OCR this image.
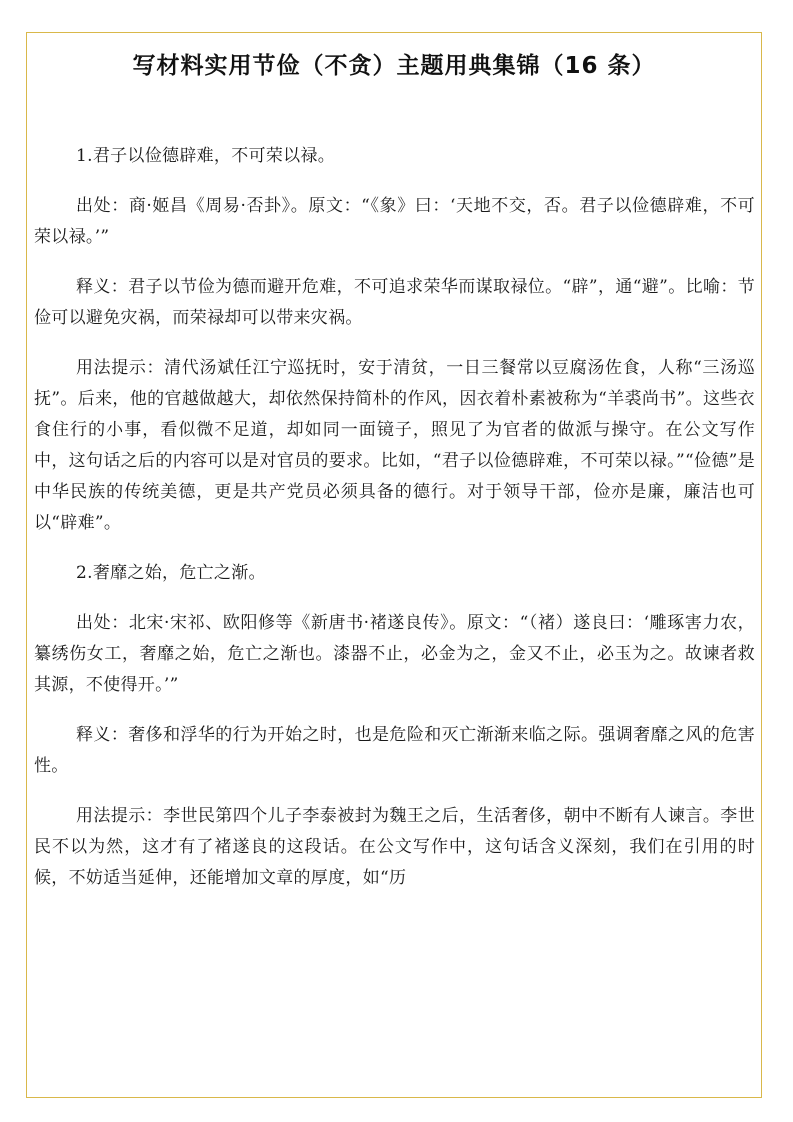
写材料实用节俭（不贪）主题用典集锦（16 条）

1.君子以俭德辟难，不可荣以禄。

出处：商·姬昌《周易·否卦》。原文：“《象》曰：‘天地不交，否。君子以俭德辟难，不可荣以禄。’”

释义：君子以节俭为德而避开危难，不可追求荣华而谋取禄位。“辟”，通“避”。比喻：节俭可以避免灾祸，而荣禄却可以带来灾祸。

用法提示：清代汤斌任江宁巡抚时，安于清贫，一日三餐常以豆腐汤佐食，人称“三汤巡抚”。后来，他的官越做越大，却依然保持简朴的作风，因衣着朴素被称为“羊裘尚书”。这些衣食住行的小事，看似微不足道，却如同一面镜子，照见了为官者的做派与操守。在公文写作中，这句话之后的内容可以是对官员的要求。比如，“君子以俭德辟难，不可荣以禄。”“俭德”是中华民族的传统美德，更是共产党员必须具备的德行。对于领导干部，俭亦是廉，廉洁也可以“辟难”。

2.奢靡之始，危亡之渐。

出处：北宋·宋祁、欧阳修等《新唐书·褚遂良传》。原文：“（褚）遂良曰：‘雕琢害力农，纂绣伤女工，奢靡之始，危亡之渐也。漆器不止，必金为之，金又不止，必玉为之。故谏者救其源，不使得开。’”

释义：奢侈和浮华的行为开始之时，也是危险和灭亡渐渐来临之际。强调奢靡之风的危害性。

用法提示：李世民第四个儿子李泰被封为魏王之后，生活奢侈，朝中不断有人谏言。李世民不以为然，这才有了褚遂良的这段话。在公文写作中，这句话含义深刻，我们在引用的时候，不妨适当延伸，还能增加文章的厚度，如“历
